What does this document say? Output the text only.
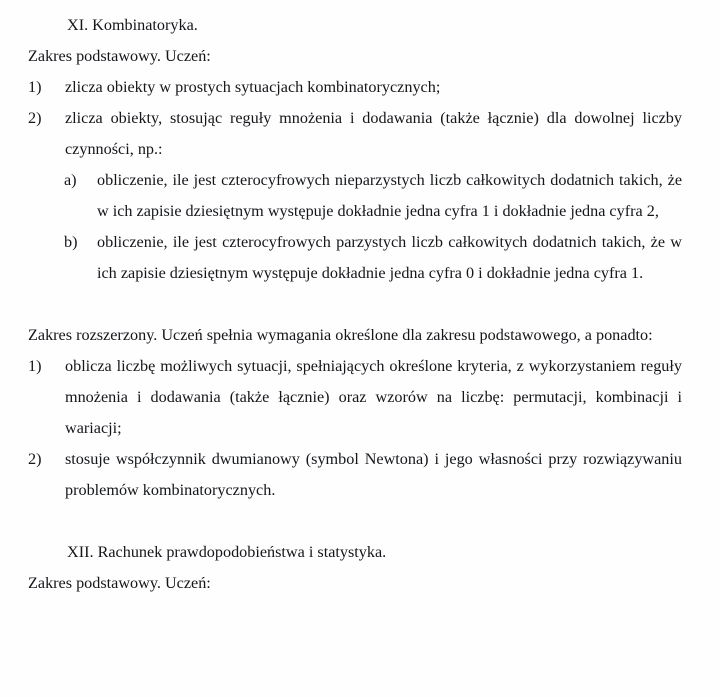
XI. Kombinatoryka.

Zakres podstawowy. Uczeń:

1)	zlicza obiekty w prostych sytuacjach kombinatorycznych;
2)	zlicza obiekty, stosując reguły mnożenia i dodawania (także łącznie) dla dowolnej liczby czynności, np.:
a)	obliczenie, ile jest czterocyfrowych nieparzystych liczb całkowitych dodatnich takich, że w ich zapisie dziesiętnym występuje dokładnie jedna cyfra 1 i dokładnie jedna cyfra 2,
b)	obliczenie, ile jest czterocyfrowych parzystych liczb całkowitych dodatnich takich, że w ich zapisie dziesiętnym występuje dokładnie jedna cyfra 0 i dokładnie jedna cyfra 1.

Zakres rozszerzony. Uczeń spełnia wymagania określone dla zakresu podstawowego, a ponadto:

1)	oblicza liczbę możliwych sytuacji, spełniających określone kryteria, z wykorzystaniem reguły mnożenia i dodawania (także łącznie) oraz wzorów na liczbę: permutacji, kombinacji i wariacji;
2)	stosuje współczynnik dwumianowy (symbol Newtona) i jego własności przy rozwiązywaniu problemów kombinatorycznych.

XII. Rachunek prawdopodobieństwa i statystyka.

Zakres podstawowy. Uczeń:
